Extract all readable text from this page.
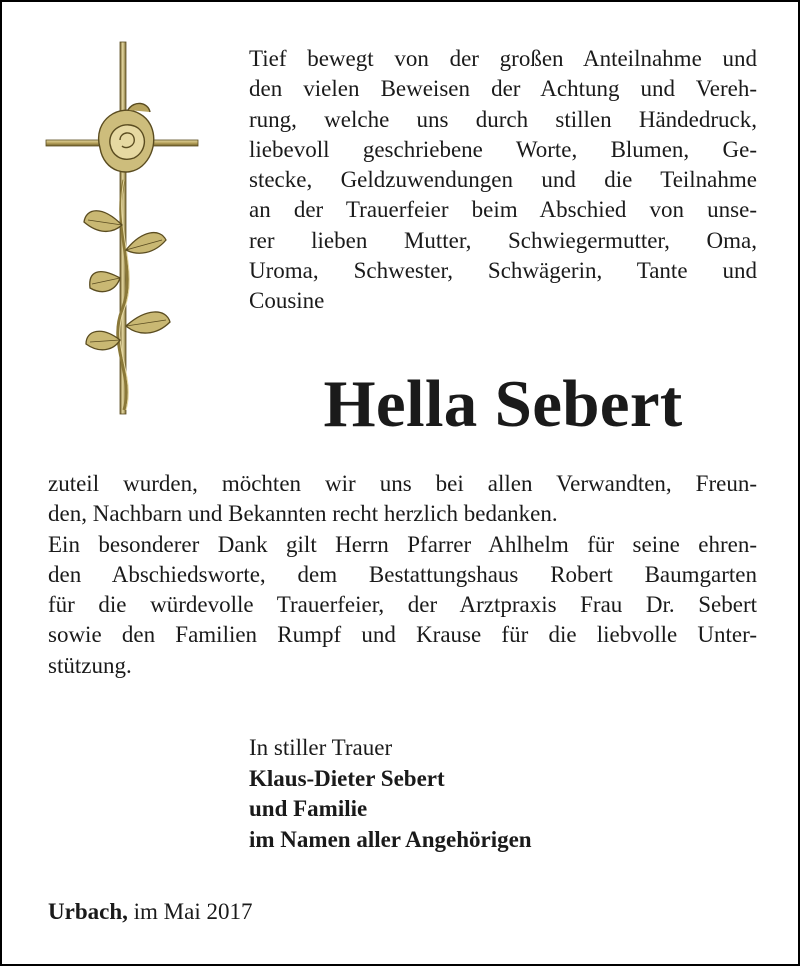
Tief bewegt von der großen Anteilnahme und
den vielen Beweisen der Achtung und Vereh-
rung, welche uns durch stillen Händedruck,
liebevoll geschriebene Worte, Blumen, Ge-
stecke, Geldzuwendungen und die Teilnahme
an der Trauerfeier beim Abschied von unse-
rer lieben Mutter, Schwiegermutter, Oma,
Uroma, Schwester, Schwägerin, Tante und
Cousine

Hella Sebert

zuteil wurden, möchten wir uns bei allen Verwandten, Freun-
den, Nachbarn und Bekannten recht herzlich bedanken.
Ein besonderer Dank gilt Herrn Pfarrer Ahlhelm für seine ehren-
den Abschiedsworte, dem Bestattungshaus Robert Baumgarten
für die würdevolle Trauerfeier, der Arztpraxis Frau Dr. Sebert
sowie den Familien Rumpf und Krause für die liebvolle Unter-
stützung.

In stiller Trauer
Klaus-Dieter Sebert
und Familie
im Namen aller Angehörigen

Urbach, im Mai 2017
